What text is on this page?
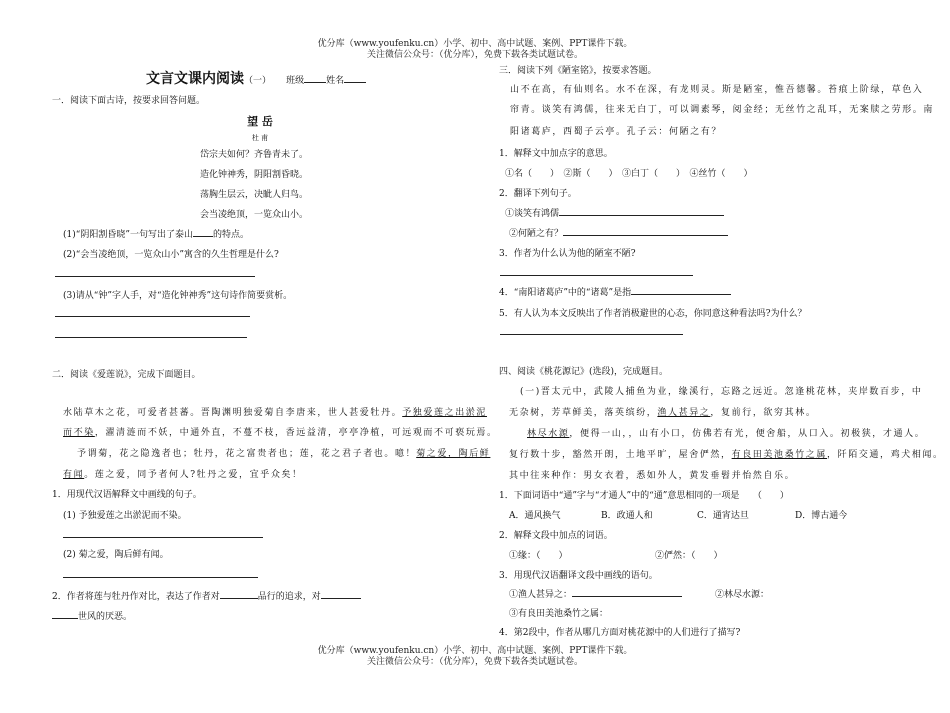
优分库（www.youfenku.cn）小学、初中、高中试题、案例、PPT课件下载。
关注微信公众号：（优分库），免费下载各类试题试卷。
文言文课内阅读（一） 班级 姓名
一．阅读下面古诗，按要求回答问题。
望 岳
杜 甫
岱宗夫如何？齐鲁青未了。
造化钟神秀，阴阳割昏晓。
荡胸生层云，决眦人归鸟。
会当凌绝顶，一览众山小。
(1)“阴阳割昏晓”一句写出了泰山 的特点。
(2)“会当凌绝顶，一览众山小”寓含的久生哲理是什么?
(3)请从“钟”字人手，对“造化钟神秀”这句诗作简要赏析。
二．阅读《爱莲说》，完成下面题目。
水陆草木之花，可爱者甚蕃。晋陶渊明独爱菊自李唐来，世人甚爱牡丹。予独爱莲之出淤泥
而不染，濯清涟而不妖，中通外直，不蔓不枝，香远益清，亭亭净植，可远观而不可亵玩焉。
予谓菊，花之隐逸者也；牡丹，花之富贵者也；莲，花之君子者也。噫！菊之爱，陶后鲜
有闻。莲之爱，同予者何人?牡丹之爱，宜乎众矣！
1．用现代汉语解释文中画线的句子。
(1) 予独爱莲之出淤泥而不染。
(2) 菊之爱，陶后鲜有闻。
2．作者将莲与牡丹作对比，表达了作者对	品行的追求，对
世风的厌恶。
三．阅读下列《陋室铭》，按要求答题。
山不在高，有仙则名。水不在深，有龙则灵。斯是陋室，惟吾德馨。苔痕上阶绿，草色入
帘青。谈笑有鸿儒，往来无白丁，可以调素琴，阅金经；无丝竹之乱耳，无案牍之劳形。南
阳诸葛庐，西蜀子云亭。孔子云：何陋之有？
1．解释文中加点字的意思。
①名（　　）　②斯（　　）　③白丁（　　）　④丝竹（　　）
2．翻译下列句子。
①谈笑有鸿儒
②何陋之有？
3．作者为什么认为他的陋室不陋?
4．“南阳诸葛庐”中的“诸葛”是指
5．有人认为本文反映出了作者消极避世的心态，你同意这种看法吗?为什么？
四、阅读《桃花源记》(选段)，完成题目。
(一)晋太元中，武陵人捕鱼为业，缘溪行，忘路之远近。忽逢桃花林，夹岸数百步，中
无杂树，芳草鲜美，落英缤纷，渔人甚异之，复前行，欲穷其林。
林尽水源，便得一山，，山有小口，仿佛若有光，便舍船，从口入。初极狭，才通人。
复行数十步，豁然开朗，土地平旷，屋舍俨然，有良田美池桑竹之属，阡陌交通，鸡犬相闻。
其中往来种作：男女衣着，悉如外人，黄发垂髫并怡然自乐。
1．下面词语中“通”字与“才通人”中的“通”意思相同的一项是　　（　　）
A．通风换气	B．政通人和	C．通宵达旦	D．博古通今
2．解释文段中加点的词语。
①缘：（　　）	②俨然：（　　）
3．用现代汉语翻译文段中画线的语句。
①渔人甚异之：	②林尽水源：
③有良田美池桑竹之属：
4．第2段中，作者从哪几方面对桃花源中的人们进行了描写?
优分库（www.youfenku.cn）小学、初中、高中试题、案例、PPT课件下载。
关注微信公众号：（优分库），免费下载各类试题试卷。
